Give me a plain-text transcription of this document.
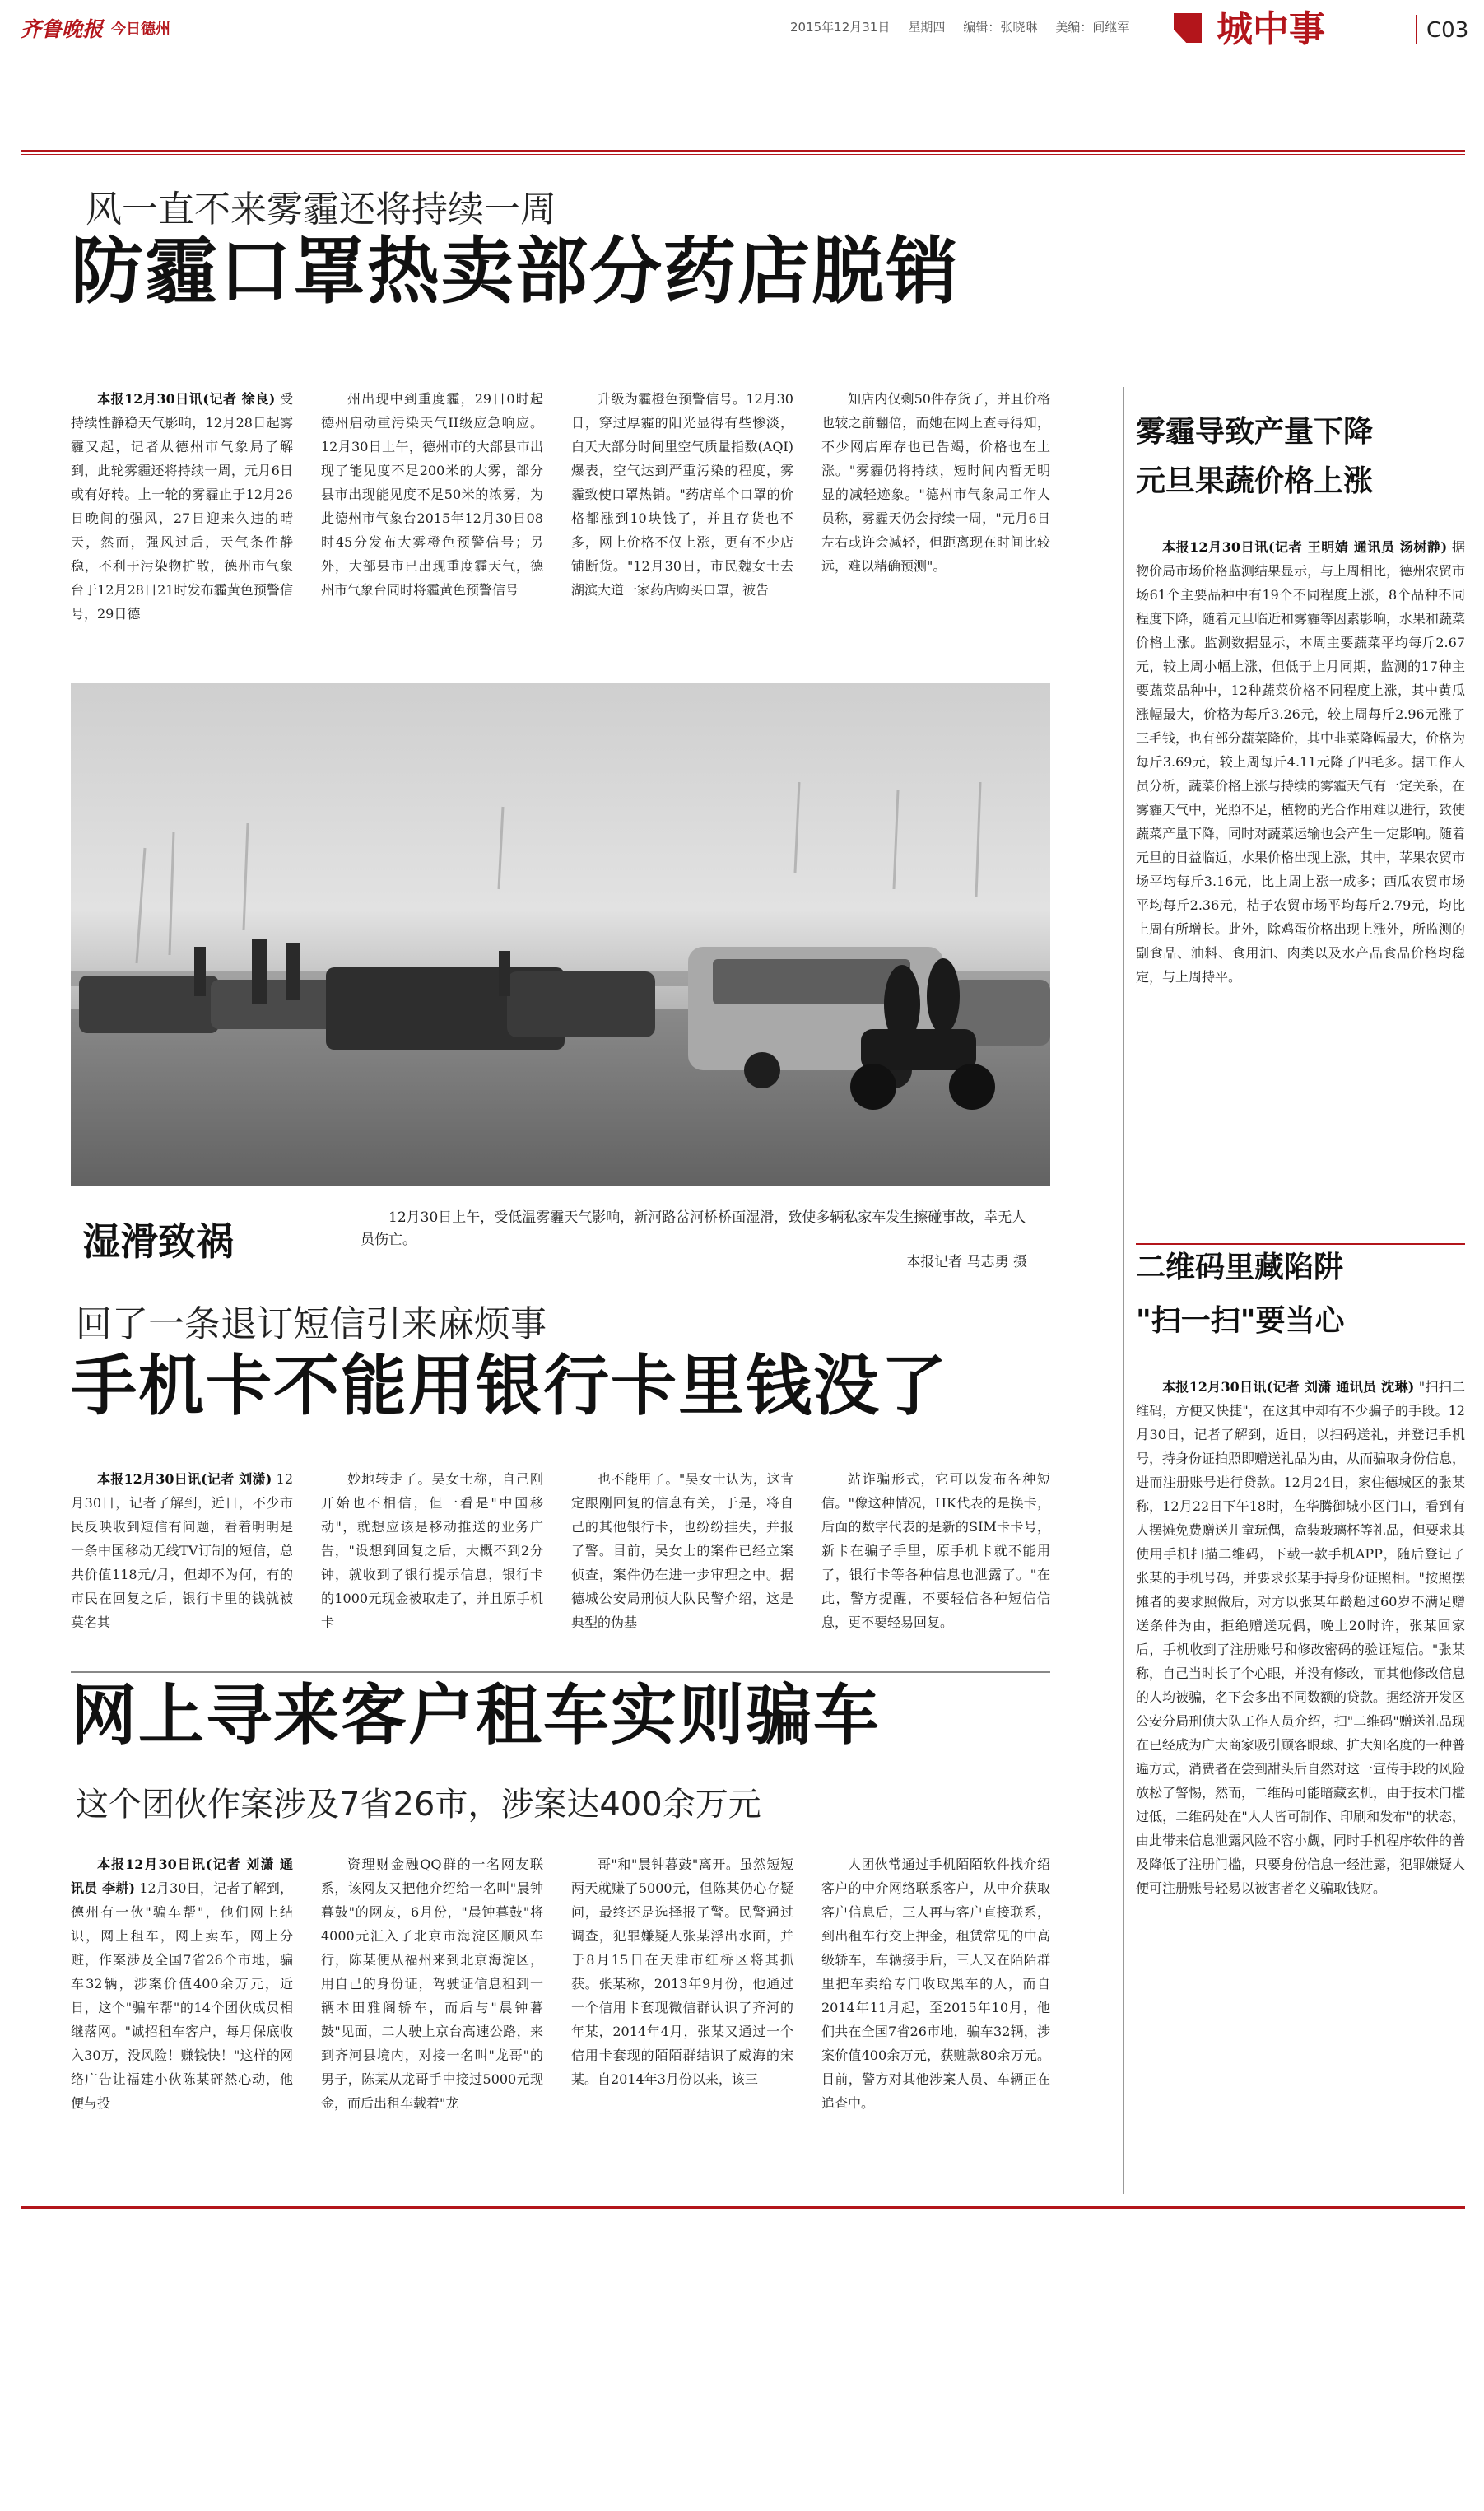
齐鲁晚报 今日德州	2015年12月31日 星期四 编辑：张晓琳 美编：间继军 城中事	C03
风一直不来雾霾还将持续一周
防霾口罩热卖部分药店脱销
本报12月30日讯(记者 徐良) 受持续性静稳天气影响，12月28日起雾霾又起，记者从德州市气象局了解到，此轮雾霾还将持续一周，元月6日或有好转。上一轮的雾霾止于12月26日晚间的强风，27日迎来久违的晴天，然而，强风过后，天气条件静稳，不利于污染物扩散，德州市气象台于12月28日21时发布霾黄色预警信号，29日德
州出现中到重度霾，29日0时起德州启动重污染天气II级应急响应。12月30日上午，德州市的大部县市出现了能见度不足200米的大雾，部分县市出现能见度不足50米的浓雾，为此德州市气象台2015年12月30日08时45分发布大雾橙色预警信号；另外，大部县市已出现重度霾天气，德州市气象台同时将霾黄色预警信号
升级为霾橙色预警信号。12月30日，穿过厚霾的阳光显得有些惨淡，白天大部分时间里空气质量指数(AQI)爆表，空气达到严重污染的程度，雾霾致使口罩热销。"药店单个口罩的价格都涨到10块钱了，并且存货也不多，网上价格不仅上涨，更有不少店铺断货。"12月30日，市民魏女士去湖滨大道一家药店购买口罩，被告
知店内仅剩50件存货了，并且价格也较之前翻倍，而她在网上查寻得知，不少网店库存也已告竭，价格也在上涨。"雾霾仍将持续，短时间内暂无明显的减轻迹象。"德州市气象局工作人员称，雾霾天仍会持续一周，"元月6日左右或许会减轻，但距离现在时间比较远，难以精确预测"。
湿滑致祸
12月30日上午，受低温雾霾天气影响，新河路岔河桥桥面湿滑，致使多辆私家车发生擦碰事故，幸无人员伤亡。
本报记者 马志勇 摄
回了一条退订短信引来麻烦事
手机卡不能用银行卡里钱没了
本报12月30日讯(记者 刘潇) 12月30日，记者了解到，近日，不少市民反映收到短信有问题，看着明明是一条中国移动无线TV订制的短信，总共价值118元/月，但却不为何，有的市民在回复之后，银行卡里的钱就被莫名其
妙地转走了。吴女士称，自己刚开始也不相信，但一看是"中国移动"，就想应该是移动推送的业务广告，"设想到回复之后，大概不到2分钟，就收到了银行提示信息，银行卡的1000元现金被取走了，并且原手机卡
也不能用了。"吴女士认为，这肯定跟刚回复的信息有关，于是，将自己的其他银行卡，也纷纷挂失，并报了警。目前，吴女士的案件已经立案侦查，案件仍在进一步审理之中。据德城公安局刑侦大队民警介绍，这是典型的伪基
站诈骗形式，它可以发布各种短信。"像这种情况，HK代表的是换卡，后面的数字代表的是新的SIM卡卡号，新卡在骗子手里，原手机卡就不能用了，银行卡等各种信息也泄露了。"在此，警方提醒，不要轻信各种短信信息，更不要轻易回复。
网上寻来客户租车实则骗车
这个团伙作案涉及7省26市，涉案达400余万元
本报12月30日讯(记者 刘潇 通讯员 李耕) 12月30日，记者了解到，德州有一伙"骗车帮"，他们网上结识，网上租车，网上卖车，网上分赃，作案涉及全国7省26个市地，骗车32辆，涉案价值400余万元，近日，这个"骗车帮"的14个团伙成员相继落网。"诚招租车客户，每月保底收入30万，没风险！赚钱快！"这样的网络广告让福建小伙陈某砰然心动，他便与投
资理财金融QQ群的一名网友联系，该网友又把他介绍给一名叫"晨钟暮鼓"的网友，6月份，"晨钟暮鼓"将4000元汇入了北京市海淀区顺风车行，陈某便从福州来到北京海淀区，用自己的身份证，驾驶证信息租到一辆本田雅阁轿车，而后与"晨钟暮鼓"见面，二人驶上京台高速公路，来到齐河县境内，对接一名叫"龙哥"的男子，陈某从龙哥手中接过5000元现金，而后出租车载着"龙
哥"和"晨钟暮鼓"离开。虽然短短两天就赚了5000元，但陈某仍心存疑问，最终还是选择报了警。民警通过调查，犯罪嫌疑人张某浮出水面，并于8月15日在天津市红桥区将其抓获。张某称，2013年9月份，他通过一个信用卡套现微信群认识了齐河的年某，2014年4月，张某又通过一个信用卡套现的陌陌群结识了威海的宋某。自2014年3月份以来，该三
人团伙常通过手机陌陌软件找介绍客户的中介网络联系客户，从中介获取客户信息后，三人再与客户直接联系，到出租车行交上押金，租赁常见的中高级轿车，车辆接手后，三人又在陌陌群里把车卖给专门收取黑车的人，而自2014年11月起，至2015年10月，他们共在全国7省26市地，骗车32辆，涉案价值400余万元，获赃款80余万元。目前，警方对其他涉案人员、车辆正在追查中。
雾霾导致产量下降
元旦果蔬价格上涨
本报12月30日讯(记者 王明婧 通讯员 汤树静) 据物价局市场价格监测结果显示，与上周相比，德州农贸市场61个主要品种中有19个不同程度上涨，8个品种不同程度下降，随着元旦临近和雾霾等因素影响，水果和蔬菜价格上涨。监测数据显示，本周主要蔬菜平均每斤2.67元，较上周小幅上涨，但低于上月同期，监测的17种主要蔬菜品种中，12种蔬菜价格不同程度上涨，其中黄瓜涨幅最大，价格为每斤3.26元，较上周每斤2.96元涨了三毛钱，也有部分蔬菜降价，其中韭菜降幅最大，价格为每斤3.69元，较上周每斤4.11元降了四毛多。据工作人员分析，蔬菜价格上涨与持续的雾霾天气有一定关系，在雾霾天气中，光照不足，植物的光合作用难以进行，致使蔬菜产量下降，同时对蔬菜运输也会产生一定影响。随着元旦的日益临近，水果价格出现上涨，其中，苹果农贸市场平均每斤3.16元，比上周上涨一成多；西瓜农贸市场平均每斤2.36元，桔子农贸市场平均每斤2.79元，均比上周有所增长。此外，除鸡蛋价格出现上涨外，所监测的副食品、油料、食用油、肉类以及水产品食品价格均稳定，与上周持平。
二维码里藏陷阱
"扫一扫"要当心
本报12月30日讯(记者 刘潇 通讯员 沈琳) "扫扫二维码，方便又快捷"，在这其中却有不少骗子的手段。12月30日，记者了解到，近日，以扫码送礼，并登记手机号，持身份证拍照即赠送礼品为由，从而骗取身份信息，进而注册账号进行贷款。12月24日，家住德城区的张某称，12月22日下午18时，在华腾御城小区门口，看到有人摆摊免费赠送儿童玩偶，盒装玻璃杯等礼品，但要求其使用手机扫描二维码，下载一款手机APP，随后登记了张某的手机号码，并要求张某手持身份证照相。"按照摆摊者的要求照做后，对方以张某年龄超过60岁不满足赠送条件为由，拒绝赠送玩偶，晚上20时许，张某回家后，手机收到了注册账号和修改密码的验证短信。"张某称，自己当时长了个心眼，并没有修改，而其他修改信息的人均被骗，名下会多出不同数额的贷款。据经济开发区公安分局刑侦大队工作人员介绍，扫"二维码"赠送礼品现在已经成为广大商家吸引顾客眼球、扩大知名度的一种普遍方式，消费者在尝到甜头后自然对这一宣传手段的风险放松了警惕，然而，二维码可能暗藏玄机，由于技术门槛过低，二维码处在"人人皆可制作、印刷和发布"的状态，由此带来信息泄露风险不容小觑，同时手机程序软件的普及降低了注册门槛，只要身份信息一经泄露，犯罪嫌疑人便可注册账号轻易以被害者名义骗取钱财。
